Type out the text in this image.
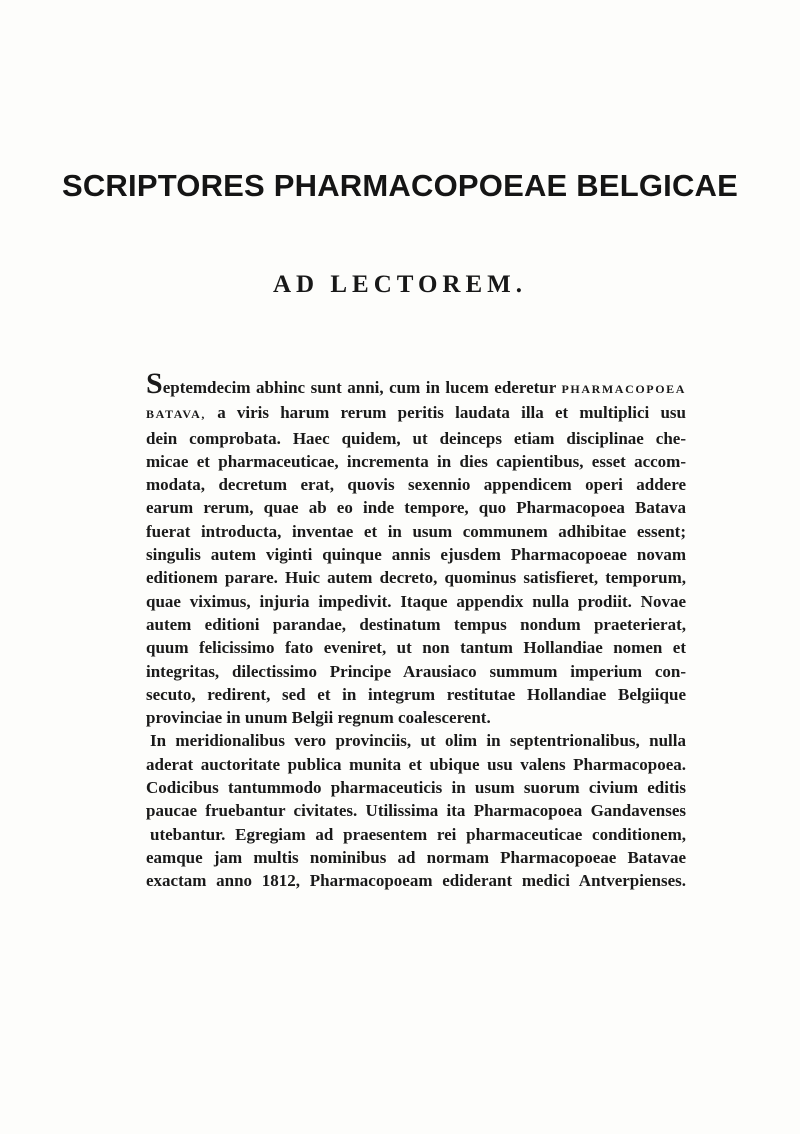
SCRIPTORES PHARMACOPOEAE BELGICAE
AD LECTOREM.
Septemdecim abhinc sunt anni, cum in lucem ederetur PHARMACOPOEA
BATAVA, a viris harum rerum peritis laudata illa et multiplici usu
dein comprobata. Haec quidem, ut deinceps etiam disciplinae che-
micae et pharmaceuticae, incrementa in dies capientibus, esset accom-
modata, decretum erat, quovis sexennio appendicem operi addere
earum rerum, quae ab eo inde tempore, quo Pharmacopoea Batava
fuerat introducta, inventae et in usum communem adhibitae essent;
singulis autem viginti quinque annis ejusdem Pharmacopoeae novam
editionem parare. Huic autem decreto, quominus satisfieret, temporum,
quae viximus, injuria impedivit. Itaque appendix nulla prodiit. Novae
autem editioni parandae, destinatum tempus nondum praeterierat,
quum felicissimo fato eveniret, ut non tantum Hollandiae nomen et
integritas, dilectissimo Principe Arausiaco summum imperium con-
secuto, redirent, sed et in integrum restitutae Hollandiae Belgiique
provinciae in unum Belgii regnum coalescerent.
In meridionalibus vero provinciis, ut olim in septentrionalibus, nulla
aderat auctoritate publica munita et ubique usu valens Pharmacopoea.
Codicibus tantummodo pharmaceuticis in usum suorum civium editis
paucae fruebantur civitates. Utilissima ita Pharmacopoea Gandavenses
utebantur. Egregiam ad praesentem rei pharmaceuticae conditionem,
eamque jam multis nominibus ad normam Pharmacopoeae Batavae
exactam anno 1812, Pharmacopoeam ediderant medici Antverpienses.
